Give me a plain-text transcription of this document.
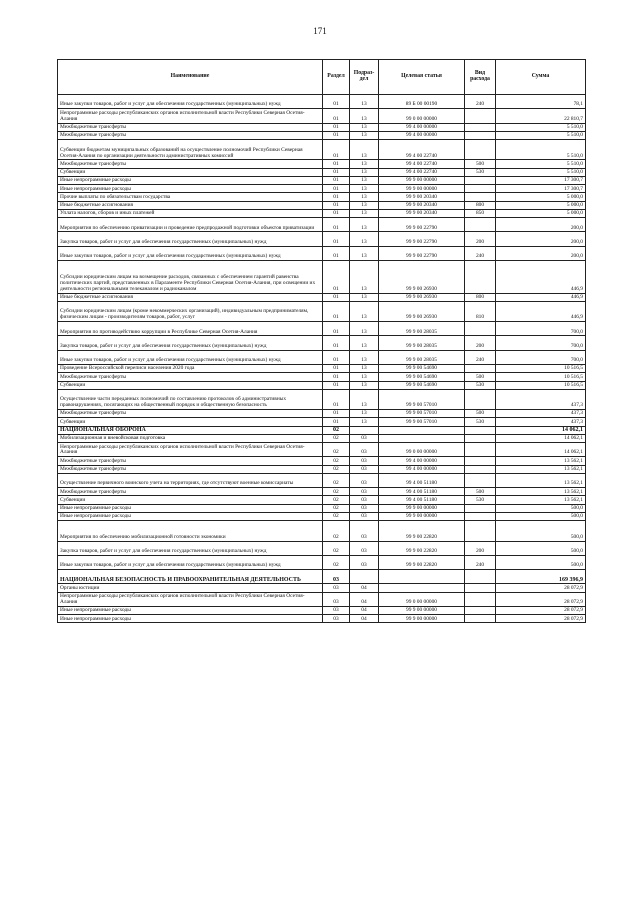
171
Наименование	Раздел	Подраз-дел	Целевая статья	Вид расхода	Сумма
Иные закупки товаров, работ и услуг для обеспечения государственных (муниципальных) нужд	01	13	89 Б 00 00190	240	78,1
Непрограммные расходы республиканских органов исполнительной власти Республики Северная Осетия-Алания	01	13	99 0 00 00000		22 810,7
Межбюджетные трансферты	01	13	99 4 00 00000		5 510,0
Межбюджетные трансферты	01	13	99 4 00 00000		5 510,0
Субвенции бюджетам муниципальных образований на осуществление полномочий Республики Северная Осетия-Алания по организации деятельности административных комиссий	01	13	99 4 00 22740		5 510,0
Межбюджетные трансферты	01	13	99 4 00 22740	500	5 510,0
Субвенции	01	13	99 4 00 22740	530	5 510,0
Иные непрограммные расходы	01	13	99 9 00 00000		17 300,7
Иные непрограммные расходы	01	13	99 9 00 00000		17 300,7
Прочие выплаты по обязательствам государства	01	13	99 9 00 20340		5 000,0
Иные бюджетные ассигнования	01	13	99 9 00 20340	800	5 000,0
Уплата налогов, сборов и иных платежей	01	13	99 9 00 20340	850	5 000,0
Мероприятия по обеспечению приватизации и проведение предпродажной подготовки объектов приватизации	01	13	99 9 00 22790		200,0
Закупка товаров, работ и услуг для обеспечения государственных (муниципальных) нужд	01	13	99 9 00 22790	200	200,0
Иные закупки товаров, работ и услуг для обеспечения государственных (муниципальных) нужд	01	13	99 9 00 22790	240	200,0
Субсидии юридическим лицам на возмещение расходов, связанных с обеспечением гарантий равенства политических партий, представленных в Парламенте Республики Северная Осетия-Алания, при освещении их деятельности региональными телеканалом и радиоканалом	01	13	99 9 00 26930		446,9
Иные бюджетные ассигнования	01	13	99 9 00 26930	800	446,9
Субсидии юридическим лицам (кроме некоммерческих организаций), индивидуальным предпринимателям, физическим лицам - производителям товаров, работ, услуг	01	13	99 9 00 26930	810	446,9
Мероприятия по противодействию коррупции в Республике Северная Осетия-Алания	01	13	99 9 00 28035		700,0
Закупка товаров, работ и услуг для обеспечения государственных (муниципальных) нужд	01	13	99 9 00 28035	200	700,0
Иные закупки товаров, работ и услуг для обеспечения государственных (муниципальных) нужд	01	13	99 9 00 28035	240	700,0
Проведение Всероссийской переписи населения 2020 года	01	13	99 9 00 54690		10 516,5
Межбюджетные трансферты	01	13	99 9 00 54690	500	10 516,5
Субвенции	01	13	99 9 00 54690	530	10 516,5
Осуществление части переданных полномочий по составлению протоколов об административных правонарушениях, посягающих на общественный порядок и общественную безопасность	01	13	99 9 00 57010		437,3
Межбюджетные трансферты	01	13	99 9 00 57010	500	437,3
Субвенции	01	13	99 9 00 57010	530	437,3
НАЦИОНАЛЬНАЯ ОБОРОНА	02				14 062,1
Мобилизационная и вневойсковая подготовка	02	03			14 062,1
Непрограммные расходы республиканских органов исполнительной власти Республики Северная Осетия-Алания	02	03	99 0 00 00000		14 062,1
Межбюджетные трансферты	02	03	99 4 00 00000		13 562,1
Межбюджетные трансферты	02	03	99 4 00 00000		13 562,1
Осуществление первичного воинского учета на территориях, где отсутствуют военные комиссариаты	02	03	99 4 00 51180		13 562,1
Межбюджетные трансферты	02	03	99 4 00 51180	500	13 562,1
Субвенции	02	03	99 4 00 51180	530	13 562,1
Иные непрограммные расходы	02	03	99 9 00 00000		500,0
Иные непрограммные расходы	02	03	99 9 00 00000		500,0
Мероприятия по обеспечению мобилизационной готовности экономики	02	03	99 9 00 22820		500,0
Закупка товаров, работ и услуг для обеспечения государственных (муниципальных) нужд	02	03	99 9 00 22820	200	500,0
Иные закупки товаров, работ и услуг для обеспечения государственных (муниципальных) нужд	02	03	99 9 00 22820	240	500,0
НАЦИОНАЛЬНАЯ БЕЗОПАСНОСТЬ И ПРАВООХРАНИТЕЛЬНАЯ ДЕЯТЕЛЬНОСТЬ	03				169 396,9
Органы юстиции	03	04			28 072,9
Непрограммные расходы республиканских органов исполнительной власти Республики Северная Осетия-Алания	03	04	99 0 00 00000		28 072,9
Иные непрограммные расходы	03	04	99 9 00 00000		28 072,9
Иные непрограммные расходы	03	04	99 9 00 00000		28 072,9
